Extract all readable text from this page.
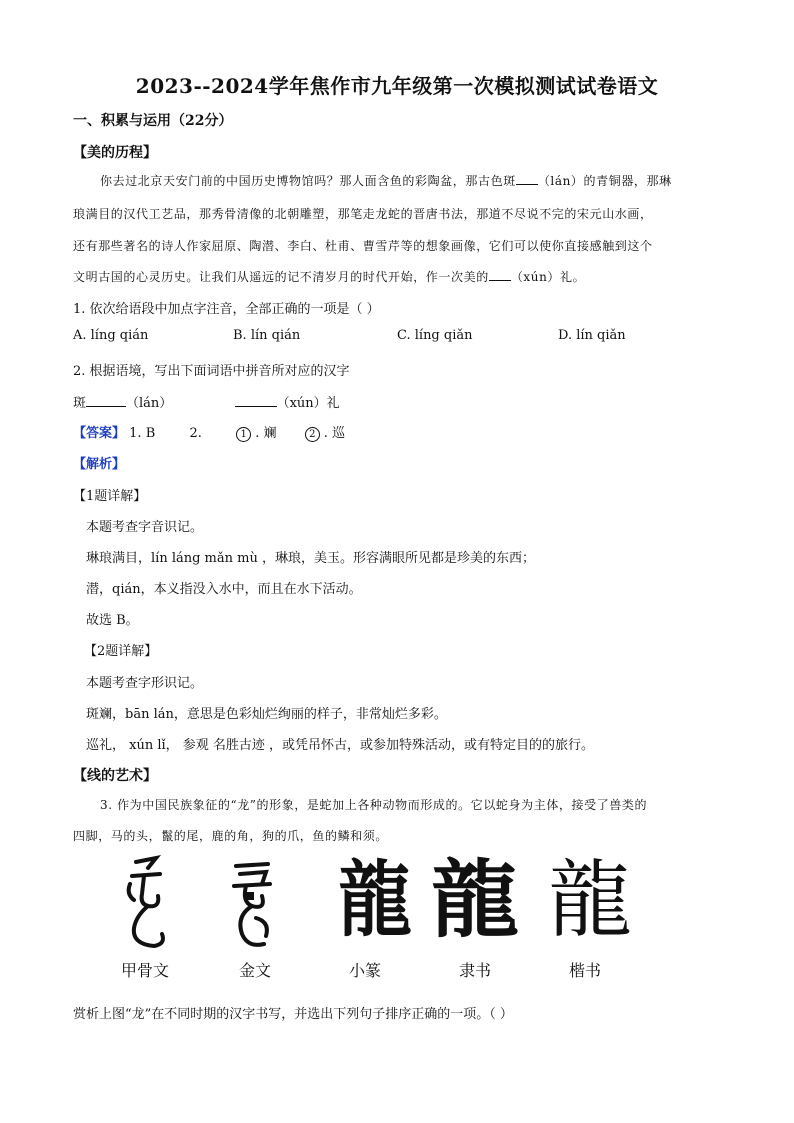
2023--2024学年焦作市九年级第一次模拟测试试卷语文
一、积累与运用（22分）
【美的历程】
你去过北京天安门前的中国历史博物馆吗？那人面含鱼的彩陶盆，那古色斑 （lán）的青铜器，那琳
琅满目的汉代工艺品，那秀骨清像的北朝雕塑，那笔走龙蛇的晋唐书法，那道不尽说不完的宋元山水画，
还有那些著名的诗人作家屈原、陶潜、李白、杜甫、曹雪芹等的想象画像，它们可以使你直接感触到这个
文明古国的心灵历史。让我们从遥远的记不清岁月的时代开始，作一次美的 （xún）礼。
1. 依次给语段中加点字注音，全部正确的一项是（ ）
A. líng qián	B. lín qián	C. líng qiǎn	D. lín qiǎn
2. 根据语境，写出下面词语中拼音所对应的汉字
斑	（lán）	（xún）礼
【答案】 1. B	2.	1 . 斓	2 . 巡
【解析】
【1题详解】
本题考查字音识记。
琳琅满目，lín láng mǎn mù ，琳琅，美玉。形容满眼所见都是珍美的东西；
潜，qián，本义指没入水中，而且在水下活动。
故选 B。
【2题详解】
本题考查字形识记。
斑斓，bān lán，意思是色彩灿烂绚丽的样子，非常灿烂多彩。
巡礼， xún lǐ， 参观 名胜古迹 ，或凭吊怀古，或参加特殊活动，或有特定目的的旅行。
【线的艺术】
3. 作为中国民族象征的“龙”的形象，是蛇加上各种动物而形成的。它以蛇身为主体，接受了兽类的
四脚，马的头，鬣的尾，鹿的角，狗的爪，鱼的鳞和须。
龍 龍 龍
甲骨文	金文	小篆	隶书	楷书
赏析上图“龙”在不同时期的汉字书写，并选出下列句子排序正确的一项。（ ）
